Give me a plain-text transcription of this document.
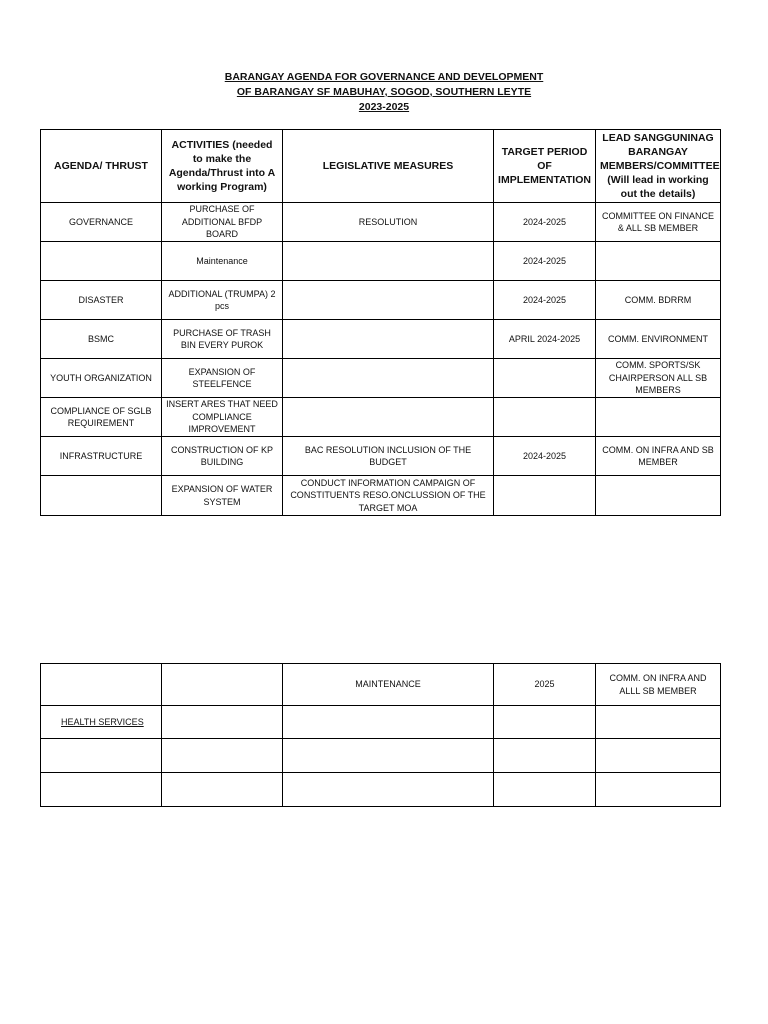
BARANGAY AGENDA FOR GOVERNANCE AND DEVELOPMENT
OF BARANGAY SF MABUHAY, SOGOD, SOUTHERN LEYTE
2023-2025
AGENDA/ THRUST	ACTIVITIES (needed to make the Agenda/Thrust into A working Program)	LEGISLATIVE MEASURES	TARGET PERIOD OF IMPLEMENTATION	LEAD SANGGUNINAG BARANGAY MEMBERS/COMMITTEE (Will lead in working out the details)
GOVERNANCE	PURCHASE OF ADDITIONAL BFDP BOARD	RESOLUTION	2024-2025	COMMITTEE ON FINANCE & ALL SB MEMBER
	Maintenance		2024-2025	
DISASTER	ADDITIONAL (TRUMPA) 2 pcs		2024-2025	COMM. BDRRM
BSMC	PURCHASE OF TRASH BIN EVERY PUROK		APRIL 2024-2025	COMM. ENVIRONMENT
YOUTH ORGANIZATION	EXPANSION OF STEELFENCE			COMM. SPORTS/SK CHAIRPERSON ALL SB MEMBERS
COMPLIANCE OF SGLB REQUIREMENT	INSERT ARES THAT NEED COMPLIANCE IMPROVEMENT			
INFRASTRUCTURE	CONSTRUCTION OF KP BUILDING	BAC RESOLUTION INCLUSION OF THE BUDGET	2024-2025	COMM. ON INFRA AND SB MEMBER
	EXPANSION OF WATER SYSTEM	CONDUCT INFORMATION CAMPAIGN OF CONSTITUENTS RESO.ONCLUSSION OF THE TARGET MOA		
		MAINTENANCE	2025	COMM. ON INFRA AND ALLL SB MEMBER
HEALTH SERVICES				
